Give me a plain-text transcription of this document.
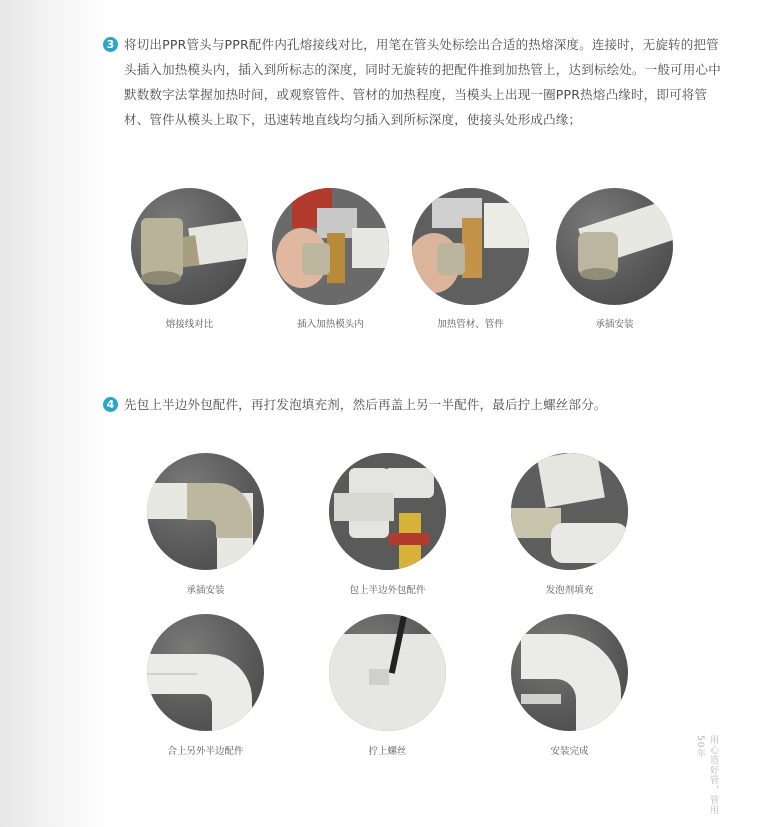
3 将切出PPR管头与PPR配件内孔熔接线对比，用笔在管头处标绘出合适的热熔深度。连接时，无旋转的把管
头插入加热模头内，插入到所标志的深度，同时无旋转的把配件推到加热管上，达到标绘处。一般可用心中
默数数字法掌握加热时间，或观察管件、管材的加热程度，当模头上出现一圈PPR热熔凸缘时，即可将管
材、管件从模头上取下，迅速转地直线均匀插入到所标深度，使接头处形成凸缘；
熔接线对比	插入加热模头内	加热管材、管件	承插安装
4 先包上半边外包配件，再打发泡填充剂，然后再盖上另一半配件，最后拧上螺丝部分。
承插安装	包上半边外包配件	发泡剂填充
合上另外半边配件	拧上螺丝	安装完成	用心造好管，管用50年
